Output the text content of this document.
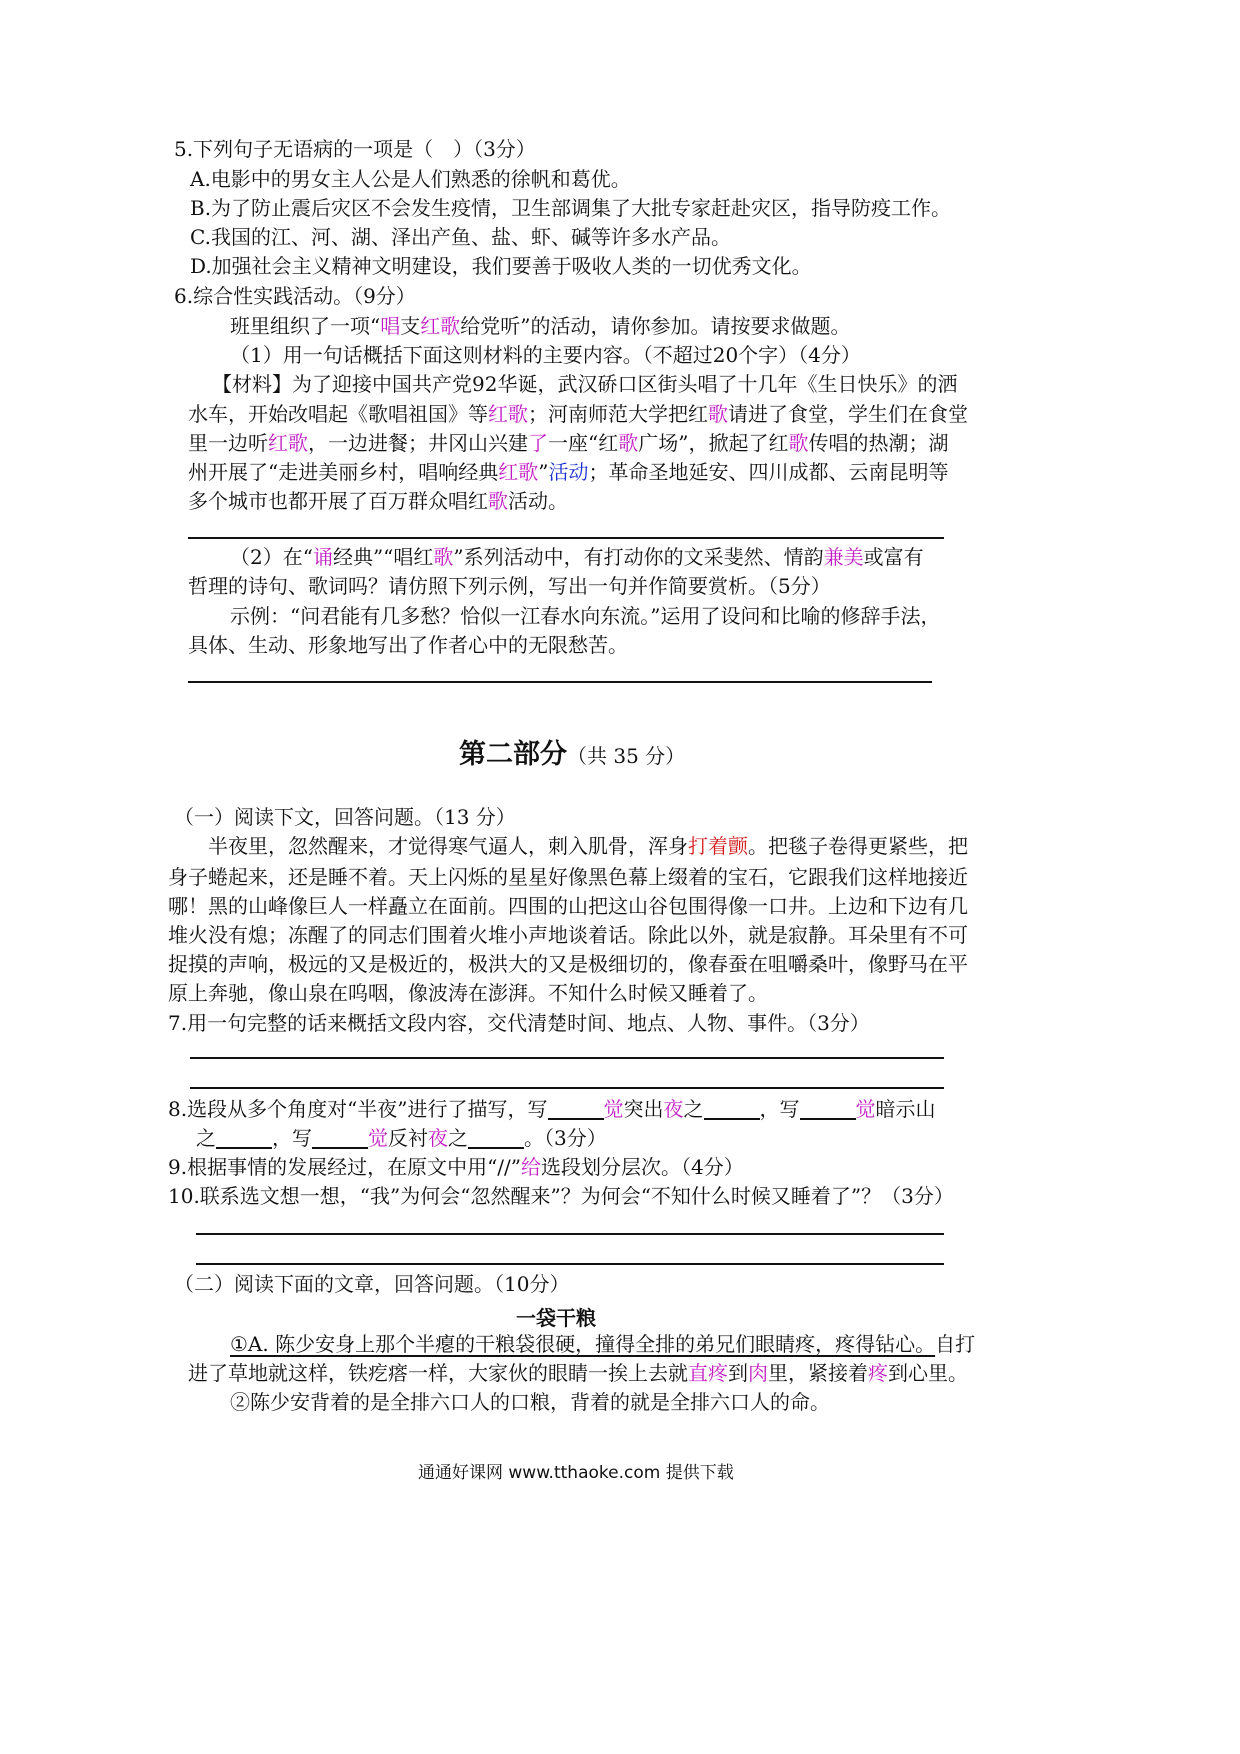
5.下列句子无语病的一项是（　）（3分）
A.电影中的男女主人公是人们熟悉的徐帆和葛优。
B.为了防止震后灾区不会发生疫情，卫生部调集了大批专家赶赴灾区，指导防疫工作。
C.我国的江、河、湖、泽出产鱼、盐、虾、碱等许多水产品。
D.加强社会主义精神文明建设，我们要善于吸收人类的一切优秀文化。
6.综合性实践活动。（9分）
班里组织了一项“唱支红歌给党听”的活动，请你参加。请按要求做题。
（1）用一句话概括下面这则材料的主要内容。（不超过20个字）（4分）
【材料】为了迎接中国共产党92华诞，武汉硚口区街头唱了十几年《生日快乐》的洒
水车，开始改唱起《歌唱祖国》等红歌；河南师范大学把红歌请进了食堂，学生们在食堂
里一边听红歌，一边进餐；井冈山兴建了一座“红歌广场”，掀起了红歌传唱的热潮；湖
州开展了“走进美丽乡村，唱响经典红歌”活动；革命圣地延安、四川成都、云南昆明等
多个城市也都开展了百万群众唱红歌活动。
（2）在“诵经典”“唱红歌”系列活动中，有打动你的文采斐然、情韵兼美或富有
哲理的诗句、歌词吗？请仿照下列示例，写出一句并作简要赏析。（5分）
示例：“问君能有几多愁？恰似一江春水向东流。”运用了设问和比喻的修辞手法，
具体、生动、形象地写出了作者心中的无限愁苦。
第二部分（共 35 分）
（一）阅读下文，回答问题。（13 分）
半夜里，忽然醒来，才觉得寒气逼人，刺入肌骨，浑身打着颤。把毯子卷得更紧些，把
身子蜷起来，还是睡不着。天上闪烁的星星好像黑色幕上缀着的宝石，它跟我们这样地接近
哪！黑的山峰像巨人一样矗立在面前。四围的山把这山谷包围得像一口井。上边和下边有几
堆火没有熄；冻醒了的同志们围着火堆小声地谈着话。除此以外，就是寂静。耳朵里有不可
捉摸的声响，极远的又是极近的，极洪大的又是极细切的，像春蚕在咀嚼桑叶，像野马在平
原上奔驰，像山泉在呜咽，像波涛在澎湃。不知什么时候又睡着了。
7.用一句完整的话来概括文段内容，交代清楚时间、地点、人物、事件。（3分）
8.选段从多个角度对“半夜”进行了描写，写	觉突出夜之	，写	觉暗示山
之	，写	觉反衬夜之	。（3分）
9.根据事情的发展经过，在原文中用“//”给选段划分层次。（4分）
10.联系选文想一想，“我”为何会“忽然醒来”？为何会“不知什么时候又睡着了”？（3分）
（二）阅读下面的文章，回答问题。（10分）
一袋干粮
①A. 陈少安身上那个半瘪的干粮袋很硬，撞得全排的弟兄们眼睛疼，疼得钻心。自打
进了草地就这样，铁疙瘩一样，大家伙的眼睛一挨上去就直疼到肉里，紧接着疼到心里。
②陈少安背着的是全排六口人的口粮，背着的就是全排六口人的命。
通通好课网 www.tthaoke.com 提供下载
